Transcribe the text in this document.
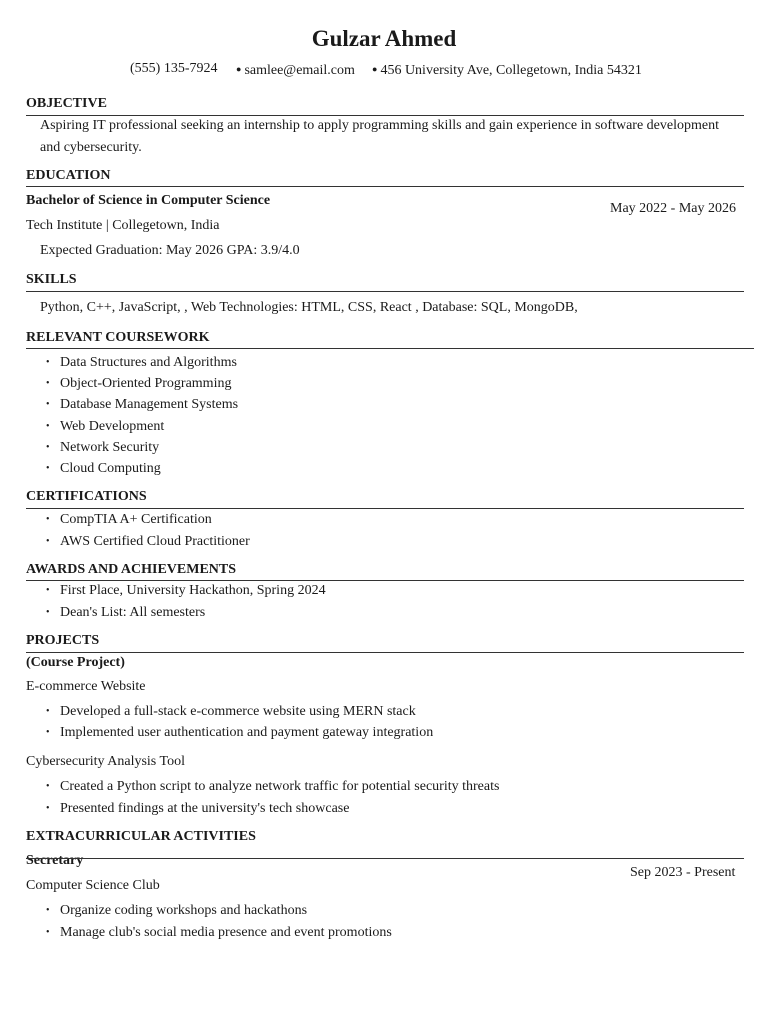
Gulzar Ahmed
(555) 135-7924 ● samlee@email.com ● 456 University Ave, Collegetown, India 54321
OBJECTIVE
Aspiring IT professional seeking an internship to apply programming skills and gain experience in software development
and cybersecurity.
EDUCATION
Bachelor of Science in Computer Science
May 2022 - May 2026
Tech Institute | Collegetown, India
Expected Graduation: May 2026 GPA: 3.9/4.0
SKILLS
Python, C++, JavaScript, , Web Technologies: HTML, CSS, React , Database: SQL, MongoDB,
RELEVANT COURSEWORK
• Data Structures and Algorithms
• Object-Oriented Programming
• Database Management Systems
• Web Development
• Network Security
• Cloud Computing
CERTIFICATIONS
• CompTIA A+ Certification
• AWS Certified Cloud Practitioner
AWARDS AND ACHIEVEMENTS
• First Place, University Hackathon, Spring 2024
• Dean's List: All semesters
PROJECTS
(Course Project)
E-commerce Website
• Developed a full-stack e-commerce website using MERN stack
• Implemented user authentication and payment gateway integration
Cybersecurity Analysis Tool
• Created a Python script to analyze network traffic for potential security threats
• Presented findings at the university's tech showcase
EXTRACURRICULAR ACTIVITIES
Secretary
Sep 2023 - Present
Computer Science Club
• Organize coding workshops and hackathons
• Manage club's social media presence and event promotions
